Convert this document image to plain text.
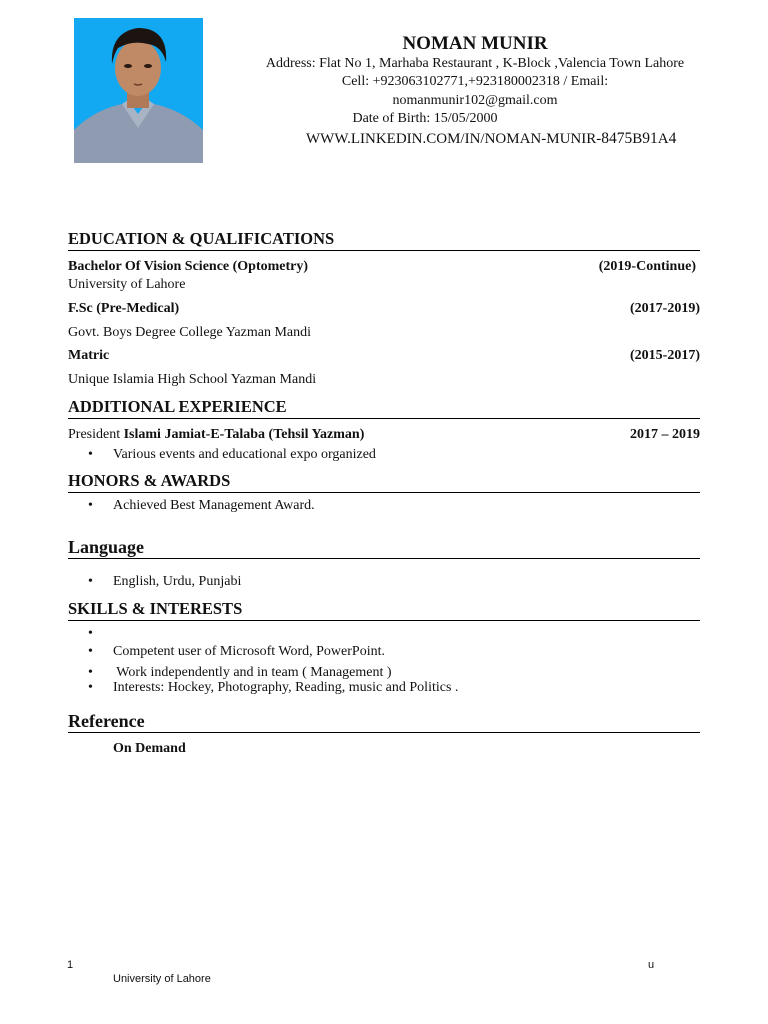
NOMAN MUNIR
Address: Flat No 1, Marhaba Restaurant , K-Block ,Valencia Town Lahore
Cell: +923063102771,+923180002318 / Email:
nomanmunir102@gmail.com
Date of Birth: 15/05/2000
WWW.LINKEDIN.COM/IN/NOMAN-MUNIR-8475B91A4
EDUCATION & QUALIFICATIONS
Bachelor Of Vision Science (Optometry)	(2019-Continue)
University of Lahore
F.Sc (Pre-Medical)	(2017-2019)
Govt. Boys Degree College Yazman Mandi
Matric	(2015-2017)
Unique Islamia High School Yazman Mandi
ADDITIONAL EXPERIENCE
President Islami Jamiat-E-Talaba (Tehsil Yazman)	2017 – 2019
• Various events and educational expo organized
HONORS & AWARDS
• Achieved Best Management Award.
Language
• English, Urdu, Punjabi
SKILLS & INTERESTS
•
• Competent user of Microsoft Word, PowerPoint.
• Work independently and in team ( Management )
• Interests: Hockey, Photography, Reading, music and Politics .
Reference
On Demand
1	u
University of Lahore
